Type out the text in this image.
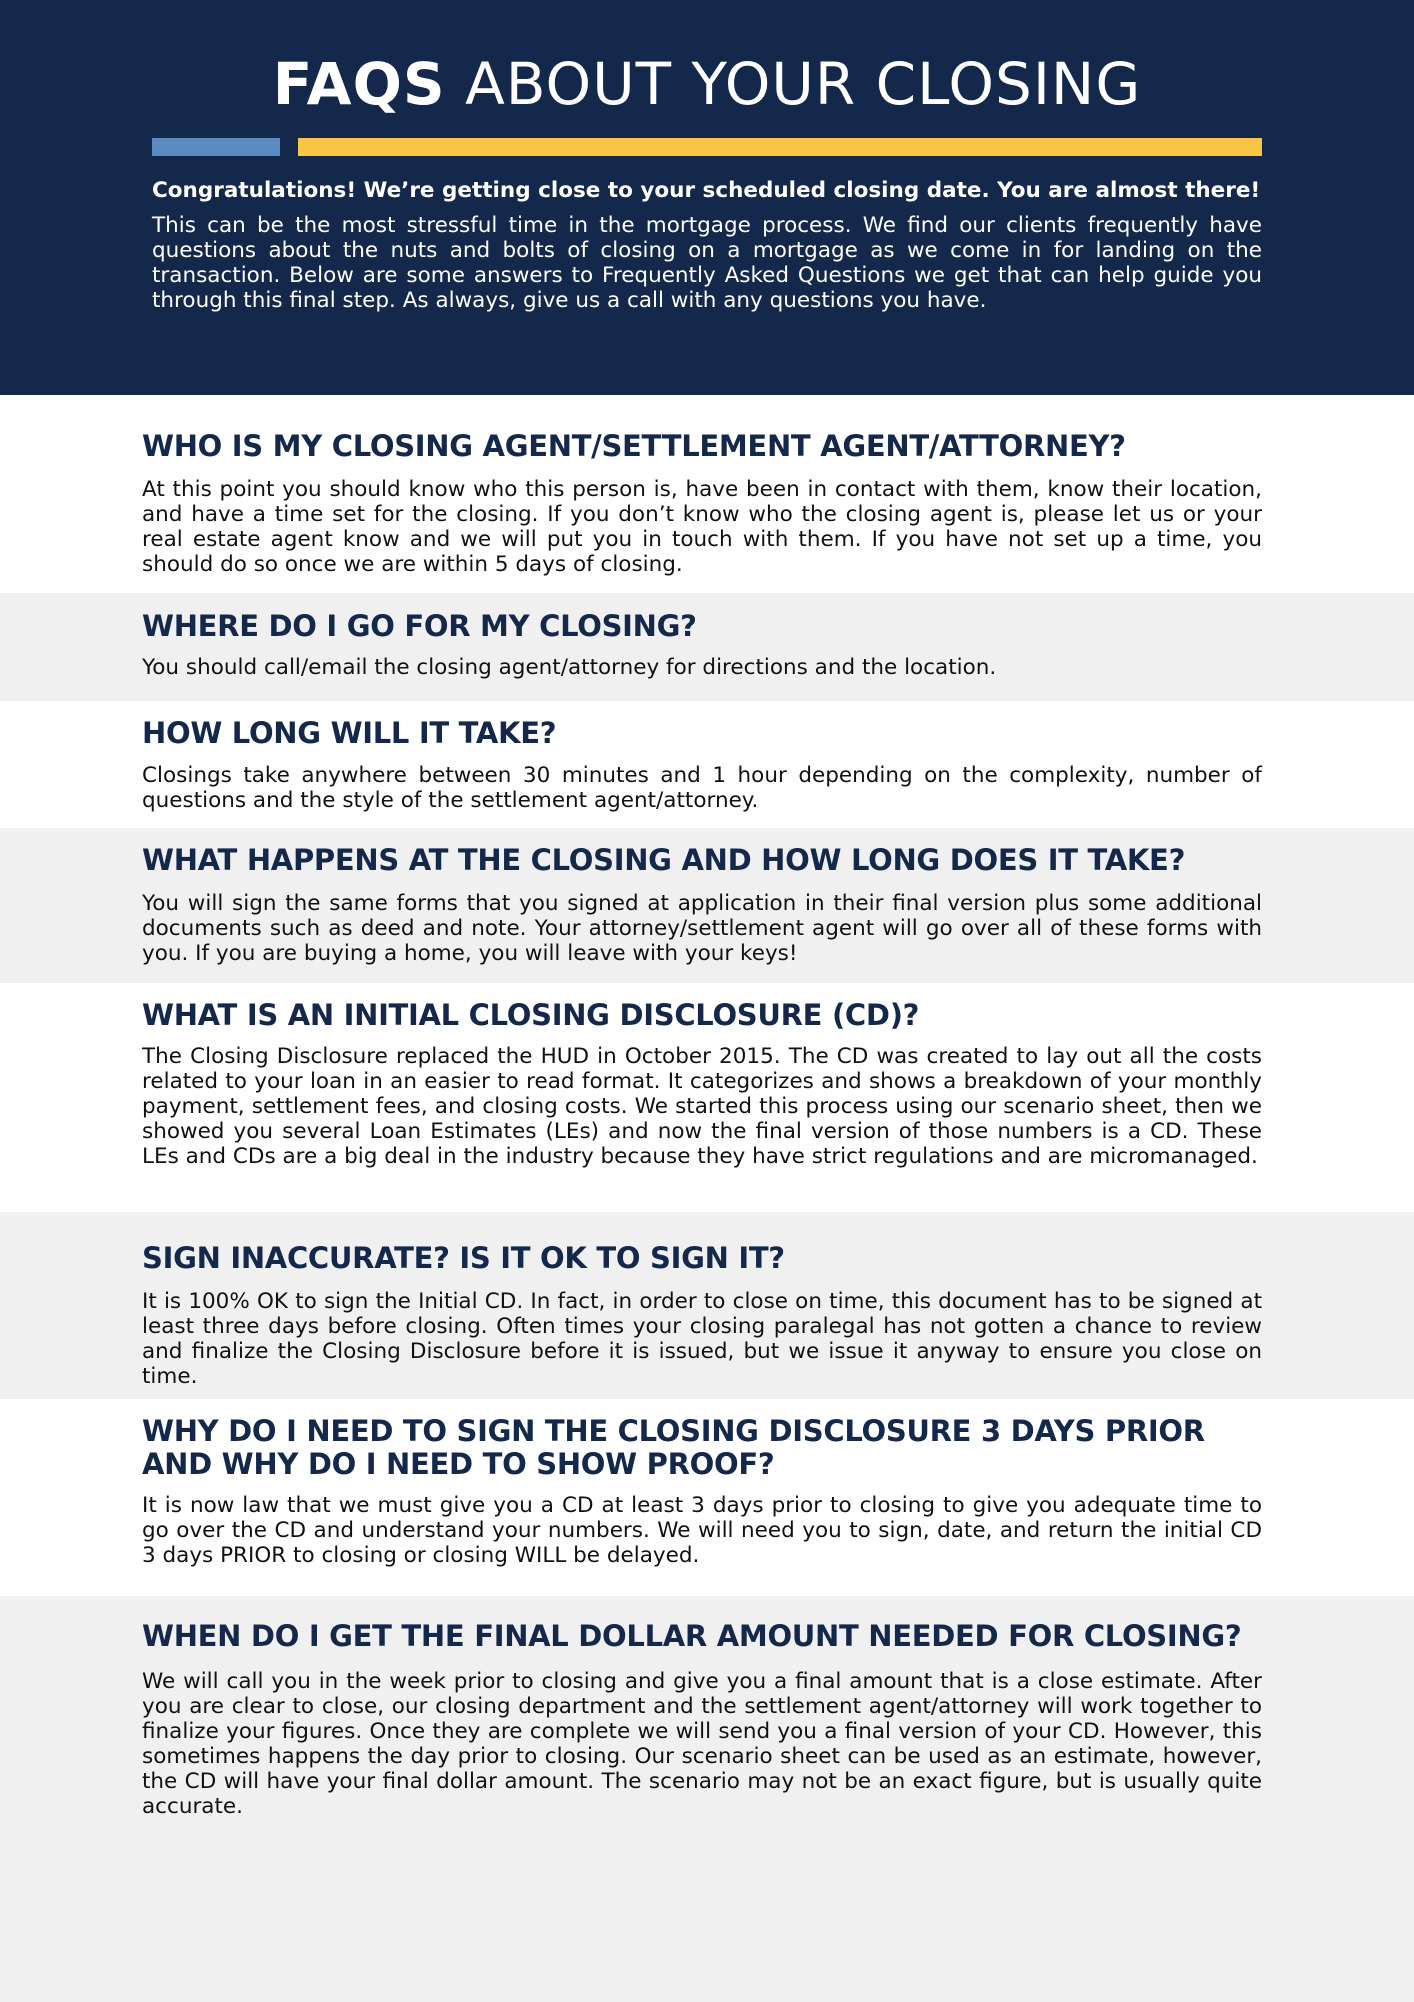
FAQS ABOUT YOUR CLOSING

Congratulations! We’re getting close to your scheduled closing date. You are almost there!

This can be the most stressful time in the mortgage process. We find our clients frequently have questions about the nuts and bolts of closing on a mortgage as we come in for landing on the transaction. Below are some answers to Frequently Asked Questions we get that can help guide you through this final step. As always, give us a call with any questions you have.

WHO IS MY CLOSING AGENT/SETTLEMENT AGENT/ATTORNEY?

At this point you should know who this person is, have been in contact with them, know their location, and have a time set for the closing. If you don’t know who the closing agent is, please let us or your real estate agent know and we will put you in touch with them. If you have not set up a time, you should do so once we are within 5 days of closing.

WHERE DO I GO FOR MY CLOSING?

You should call/email the closing agent/attorney for directions and the location.

HOW LONG WILL IT TAKE?

Closings take anywhere between 30 minutes and 1 hour depending on the complexity, number of questions and the style of the settlement agent/attorney.

WHAT HAPPENS AT THE CLOSING AND HOW LONG DOES IT TAKE?

You will sign the same forms that you signed at application in their final version plus some additional documents such as deed and note. Your attorney/settlement agent will go over all of these forms with you. If you are buying a home, you will leave with your keys!

WHAT IS AN INITIAL CLOSING DISCLOSURE (CD)?

The Closing Disclosure replaced the HUD in October 2015. The CD was created to lay out all the costs related to your loan in an easier to read format. It categorizes and shows a breakdown of your monthly payment, settlement fees, and closing costs. We started this process using our scenario sheet, then we showed you several Loan Estimates (LEs) and now the final version of those numbers is a CD. These LEs and CDs are a big deal in the industry because they have strict regulations and are micromanaged.

SIGN INACCURATE? IS IT OK TO SIGN IT?

It is 100% OK to sign the Initial CD. In fact, in order to close on time, this document has to be signed at least three days before closing. Often times your closing paralegal has not gotten a chance to review and finalize the Closing Disclosure before it is issued, but we issue it anyway to ensure you close on time.

WHY DO I NEED TO SIGN THE CLOSING DISCLOSURE 3 DAYS PRIOR AND WHY DO I NEED TO SHOW PROOF?

It is now law that we must give you a CD at least 3 days prior to closing to give you adequate time to go over the CD and understand your numbers. We will need you to sign, date, and return the initial CD 3 days PRIOR to closing or closing WILL be delayed.

WHEN DO I GET THE FINAL DOLLAR AMOUNT NEEDED FOR CLOSING?

We will call you in the week prior to closing and give you a final amount that is a close estimate. After you are clear to close, our closing department and the settlement agent/attorney will work together to finalize your figures. Once they are complete we will send you a final version of your CD. However, this sometimes happens the day prior to closing. Our scenario sheet can be used as an estimate, however, the CD will have your final dollar amount. The scenario may not be an exact figure, but is usually quite accurate.
